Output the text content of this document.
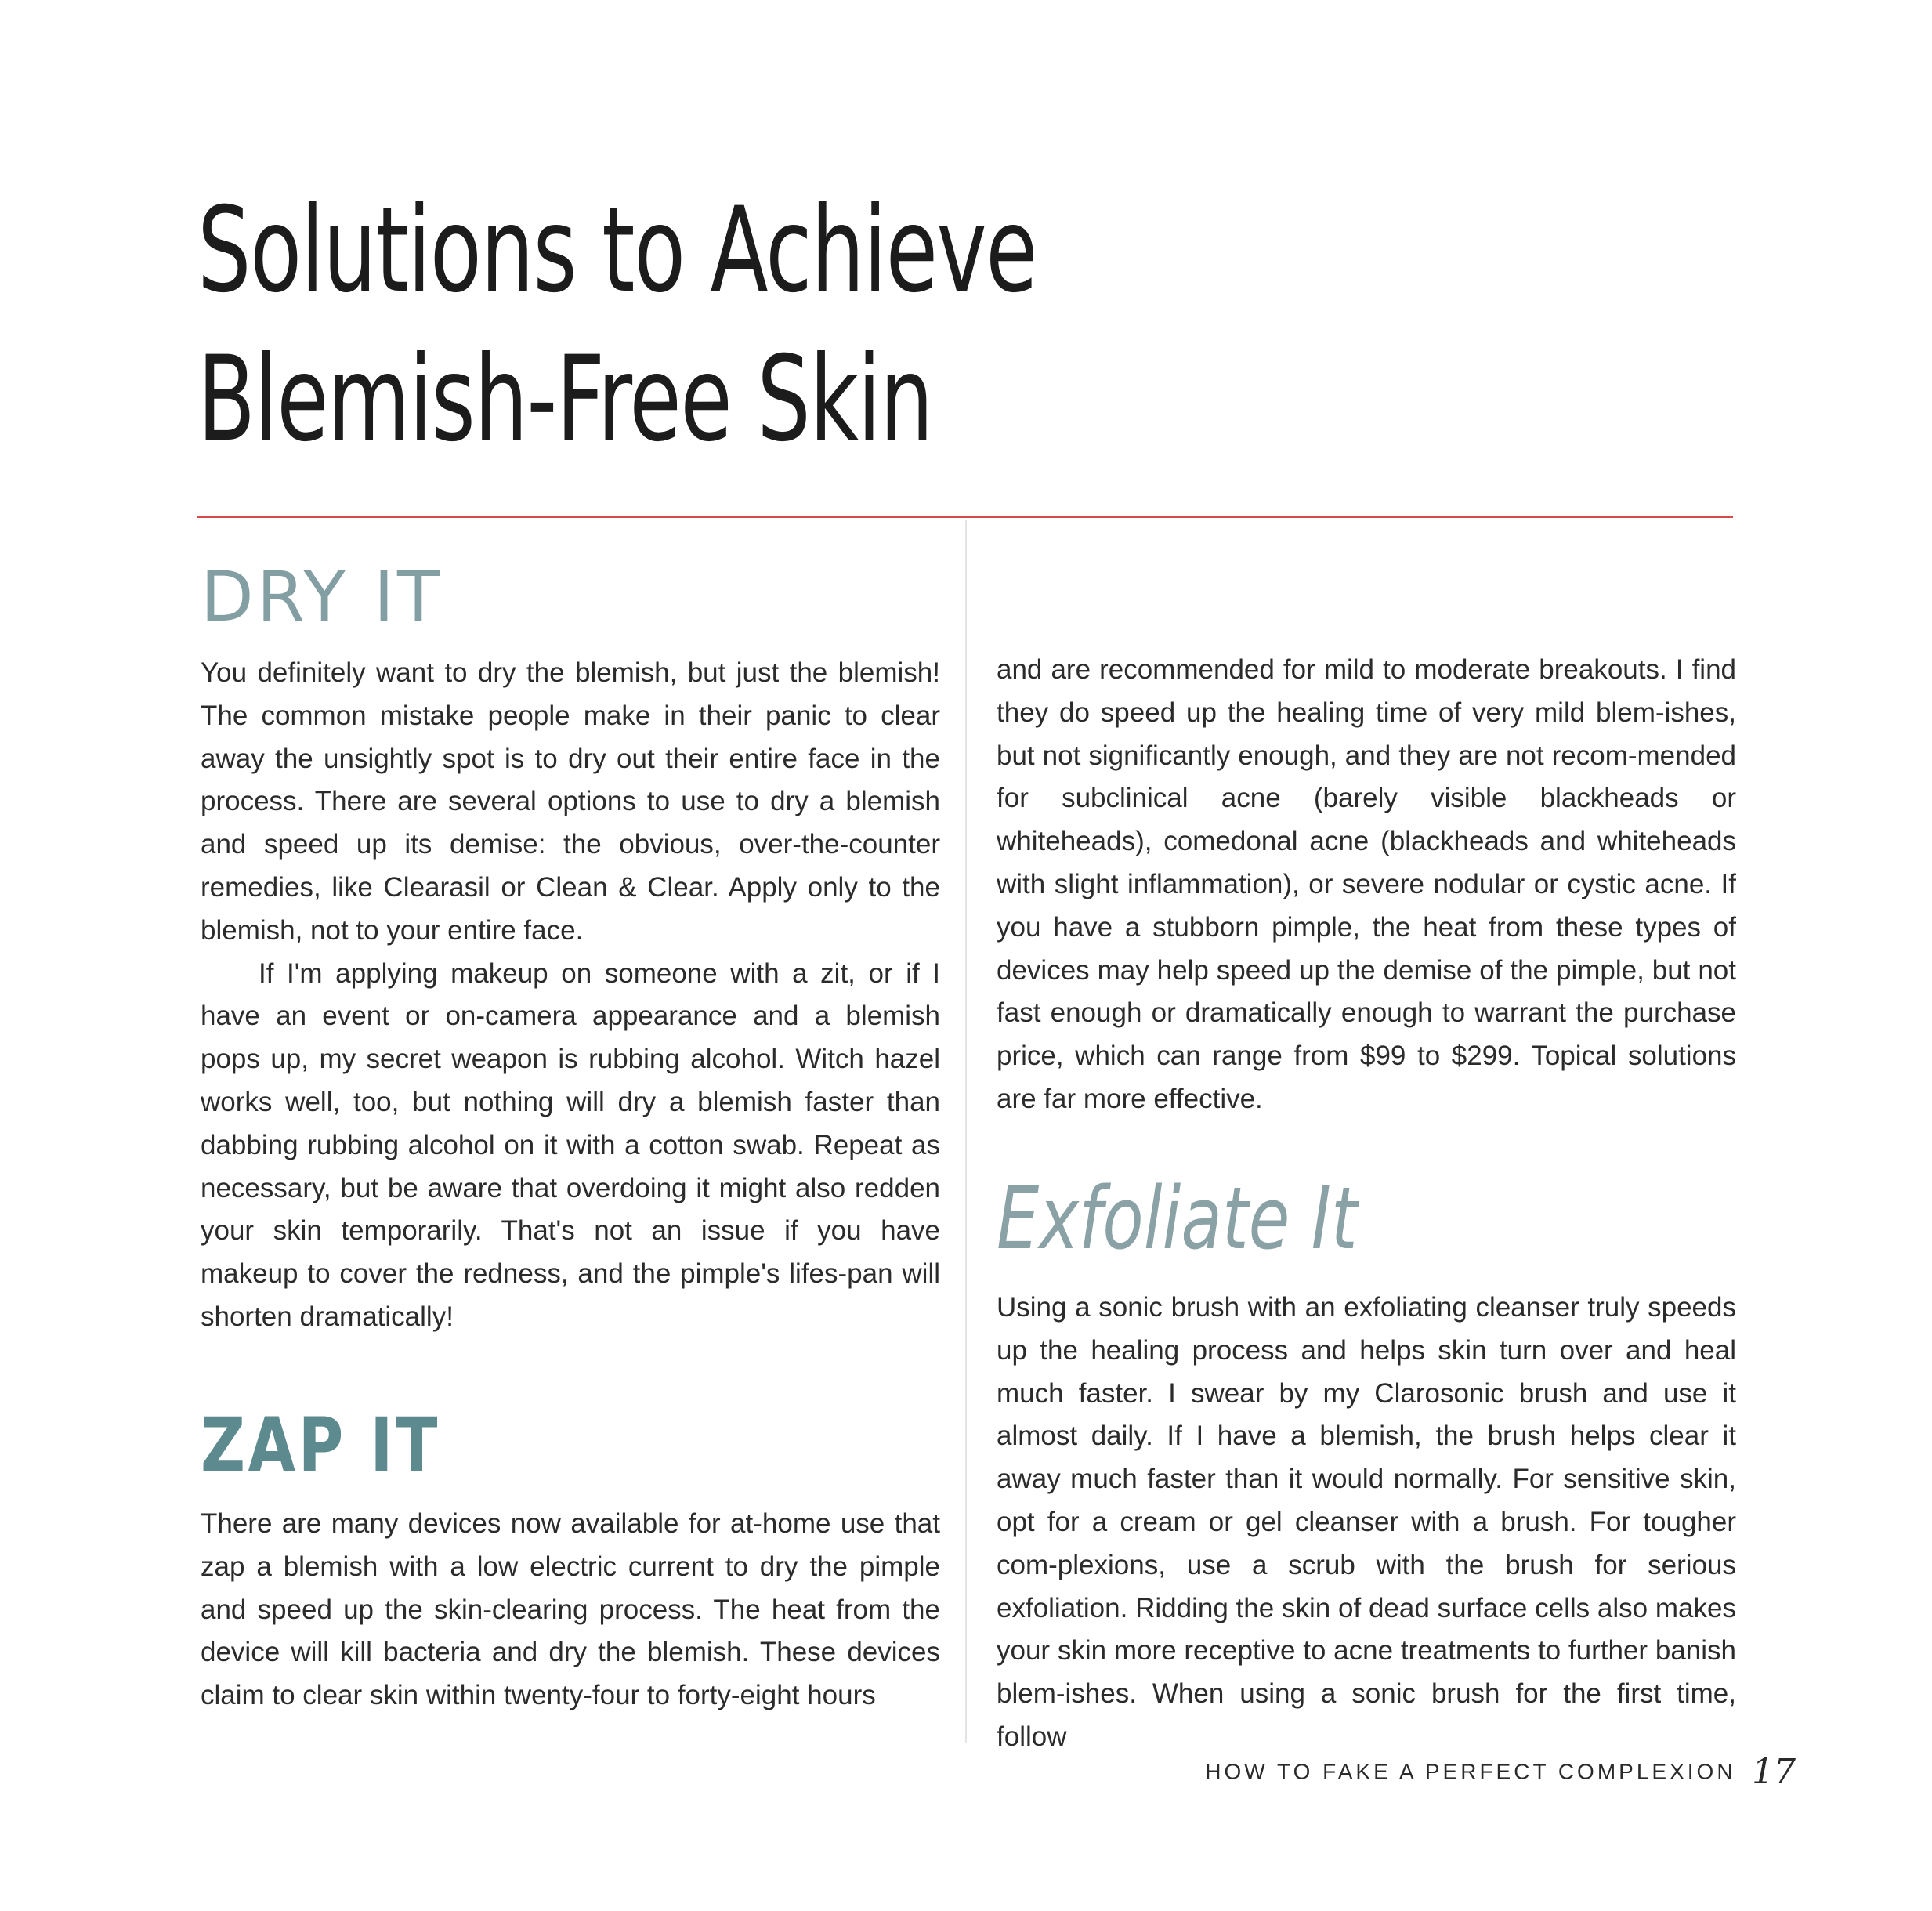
Solutions to Achieve
Blemish-Free Skin
DRY IT

You definitely want to dry the blemish, but just the blemish! The common mistake people make in their panic to clear away the unsightly spot is to dry out their entire face in the process. There are several options to use to dry a blemish and speed up its demise: the obvious, over-the-counter remedies, like Clearasil or Clean & Clear. Apply only to the blemish, not to your entire face.

If I'm applying makeup on someone with a zit, or if I have an event or on-camera appearance and a blemish pops up, my secret weapon is rubbing alcohol. Witch hazel works well, too, but nothing will dry a blemish faster than dabbing rubbing alcohol on it with a cotton swab. Repeat as necessary, but be aware that overdoing it might also redden your skin temporarily. That's not an issue if you have makeup to cover the redness, and the pimple's lifes-pan will shorten dramatically!

ZAP IT

There are many devices now available for at-home use that zap a blemish with a low electric current to dry the pimple and speed up the skin-clearing process. The heat from the device will kill bacteria and dry the blemish. These devices claim to clear skin within twenty-four to forty-eight hours

and are recommended for mild to moderate breakouts. I find they do speed up the healing time of very mild blem-ishes, but not significantly enough, and they are not recom-mended for subclinical acne (barely visible blackheads or whiteheads), comedonal acne (blackheads and whiteheads with slight inflammation), or severe nodular or cystic acne. If you have a stubborn pimple, the heat from these types of devices may help speed up the demise of the pimple, but not fast enough or dramatically enough to warrant the purchase price, which can range from $99 to $299. Topical solutions are far more effective.

Exfoliate It

Using a sonic brush with an exfoliating cleanser truly speeds up the healing process and helps skin turn over and heal much faster. I swear by my Clarosonic brush and use it almost daily. If I have a blemish, the brush helps clear it away much faster than it would normally. For sensitive skin, opt for a cream or gel cleanser with a brush. For tougher com-plexions, use a scrub with the brush for serious exfoliation. Ridding the skin of dead surface cells also makes your skin more receptive to acne treatments to further banish blem-ishes. When using a sonic brush for the first time, follow

HOW TO FAKE A PERFECT COMPLEXION 17
